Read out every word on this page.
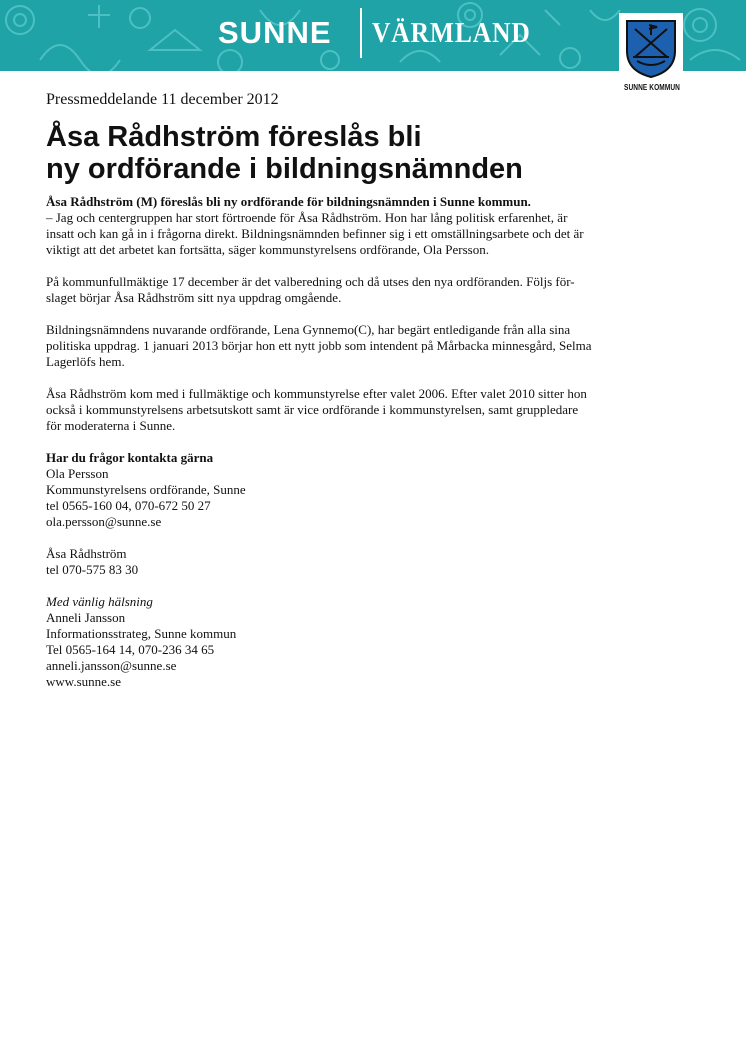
SUNNE VÄRMLAND
SUNNE KOMMUN
Pressmeddelande 11 december 2012
Åsa Rådhström föreslås bli
ny ordförande i bildningsnämnden

Åsa Rådhström (M) föreslås bli ny ordförande för bildningsnämnden i Sunne kommun.
– Jag och centergruppen har stort förtroende för Åsa Rådhström. Hon har lång politisk erfarenhet, är
insatt och kan gå in i frågorna direkt. Bildningsnämnden befinner sig i ett omställningsarbete och det är
viktigt att det arbetet kan fortsätta, säger kommunstyrelsens ordförande, Ola Persson.

På kommunfullmäktige 17 december är det valberedning och då utses den nya ordföranden. Följs för-
slaget börjar Åsa Rådhström sitt nya uppdrag omgående.

Bildningsnämndens nuvarande ordförande, Lena Gynnemo(C), har begärt entledigande från alla sina
politiska uppdrag. 1 januari 2013 börjar hon ett nytt jobb som intendent på Mårbacka minnesgård, Selma
Lagerlöfs hem.

Åsa Rådhström kom med i fullmäktige och kommunstyrelse efter valet 2006. Efter valet 2010 sitter hon
också i kommunstyrelsens arbetsutskott samt är vice ordförande i kommunstyrelsen, samt gruppledare
för moderaterna i Sunne.

Har du frågor kontakta gärna
Ola Persson
Kommunstyrelsens ordförande, Sunne
tel 0565-160 04, 070-672 50 27
ola.persson@sunne.se

Åsa Rådhström
tel 070-575 83 30

Med vänlig hälsning
Anneli Jansson
Informationsstrateg, Sunne kommun
Tel 0565-164 14, 070-236 34 65
anneli.jansson@sunne.se
www.sunne.se
